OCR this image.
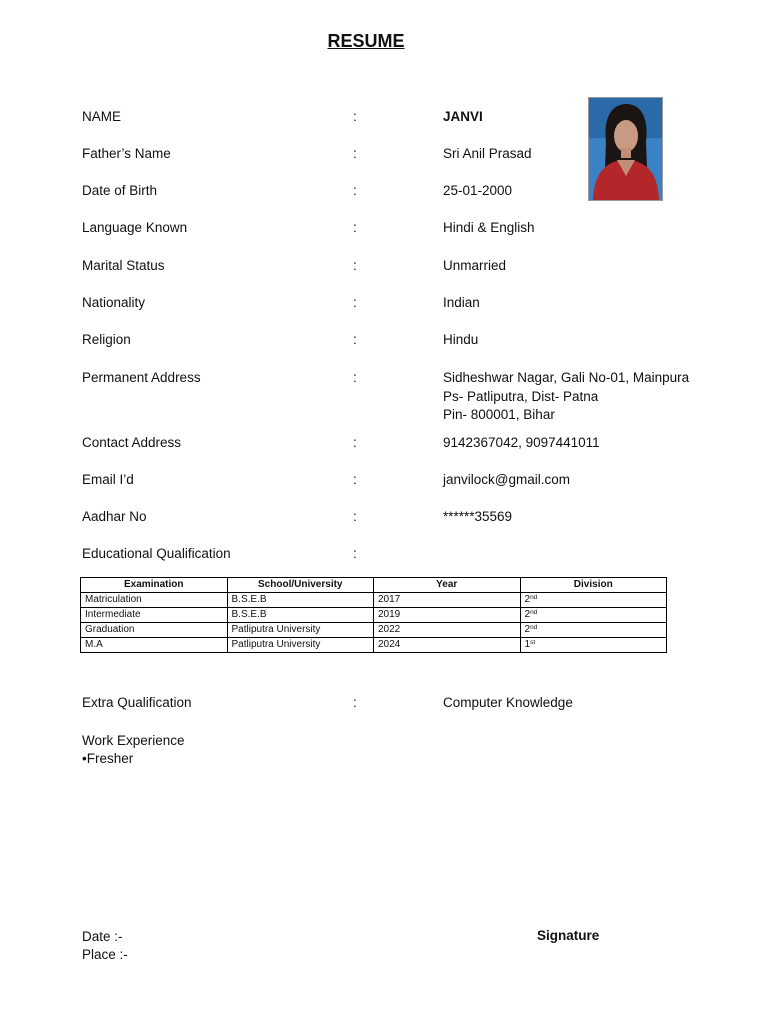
RESUME
NAME	:	JANVI
Father’s Name	:	Sri Anil Prasad
Date of Birth	:	25-01-2000
Language Known	:	Hindi & English
Marital Status	:	Unmarried
Nationality	:	Indian
Religion	:	Hindu
Permanent Address	:	Sidheshwar Nagar, Gali No-01, Mainpura
Ps- Patliputra, Dist- Patna
Pin- 800001, Bihar
Contact Address	:	9142367042, 9097441011
Email I’d	:	janvilock@gmail.com
Aadhar No	:	******35569
Educational Qualification	:
Examination	School/University	Year	Division
Matriculation	B.S.E.B	2017	2nd
Intermediate	B.S.E.B	2019	2nd
Graduation	Patliputra University	2022	2nd
M.A	Patliputra University	2024	1st
Extra Qualification	:	Computer Knowledge
Work Experience
•Fresher
Date :-
Place :-
Signature
